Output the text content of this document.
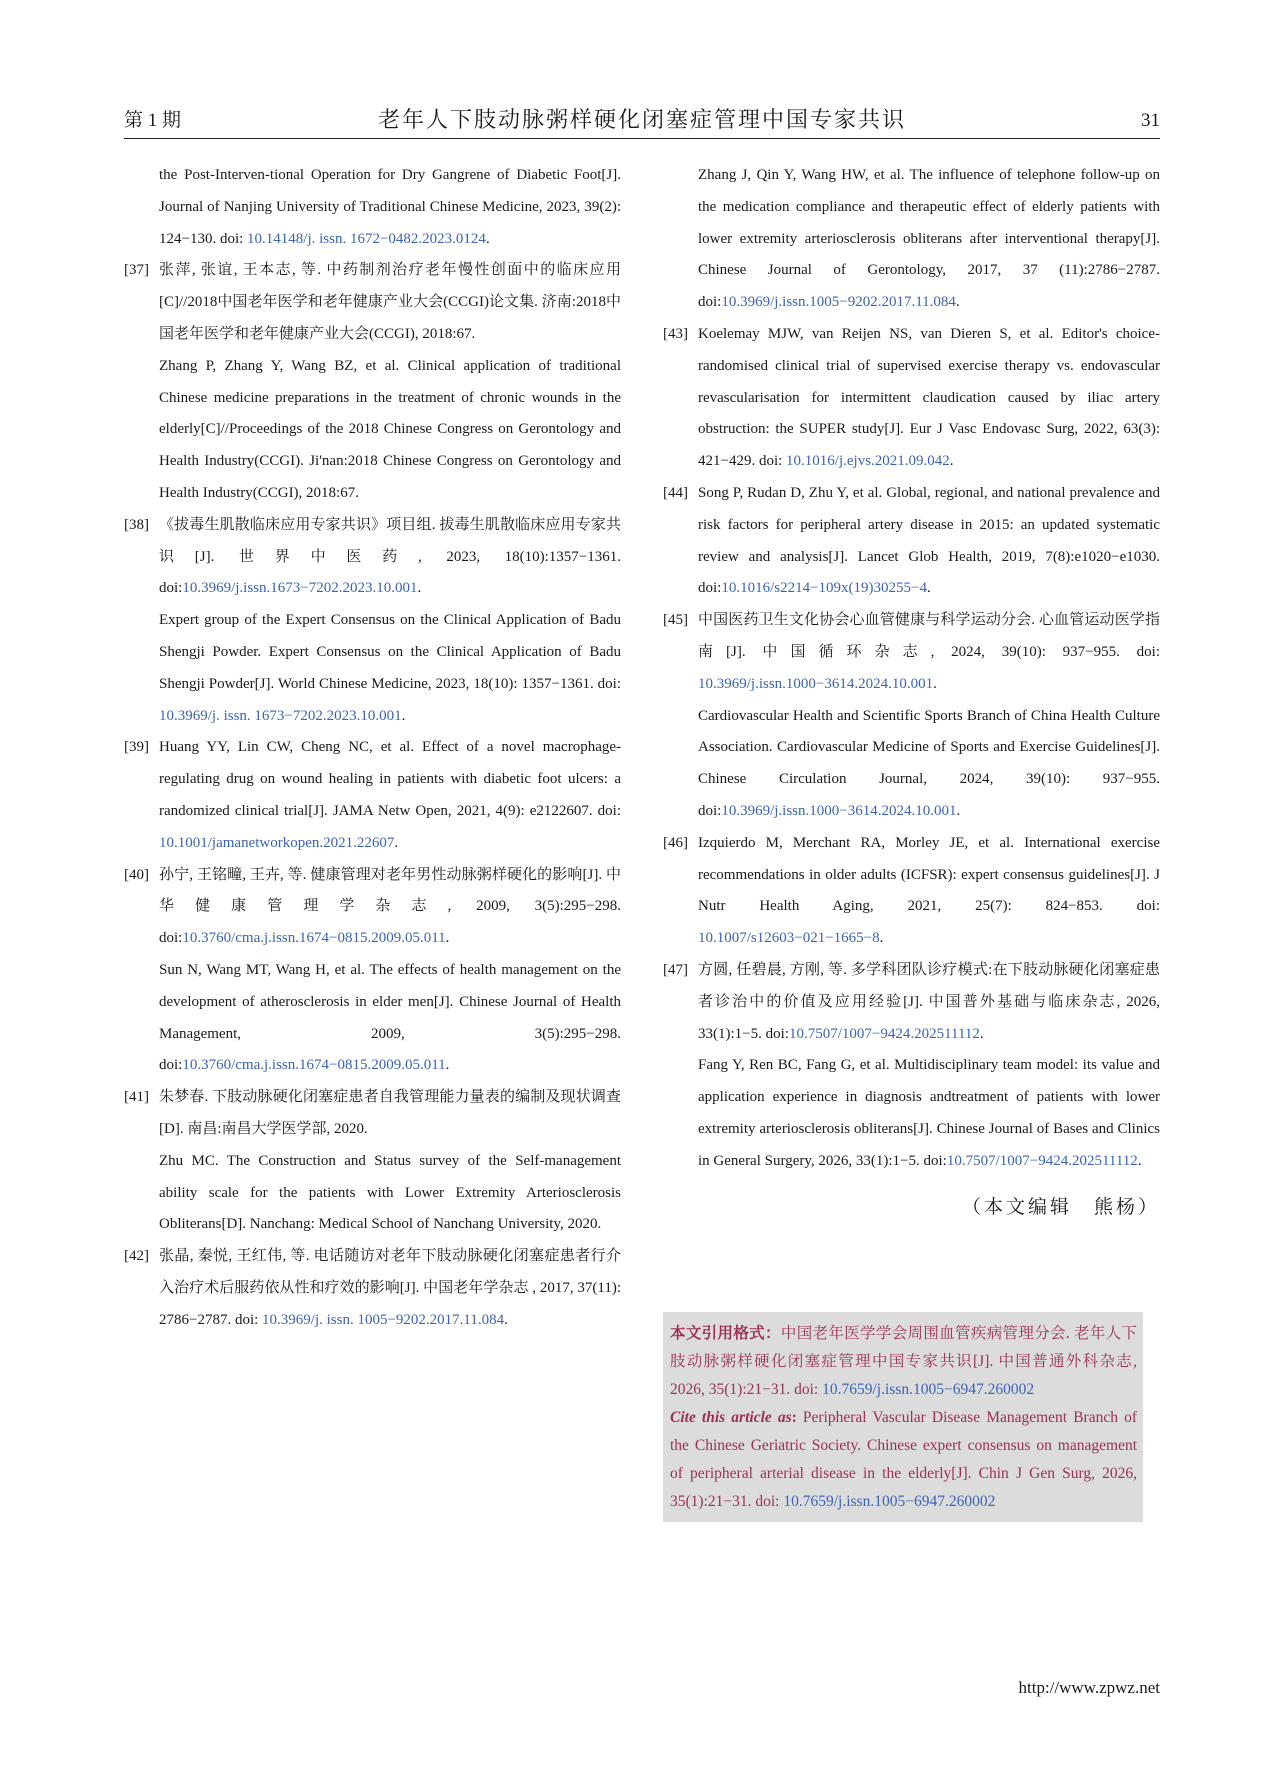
第 1 期	老年人下肢动脉粥样硬化闭塞症管理中国专家共识	31
the Post-Interven-tional Operation for Dry Gangrene of Diabetic Foot[J]. Journal of Nanjing University of Traditional Chinese Medicine, 2023, 39(2): 124−130. doi: 10.14148/j. issn. 1672−0482.2023.0124.
[37] 张萍, 张谊, 王本志, 等. 中药制剂治疗老年慢性创面中的临床应用[C]//2018中国老年医学和老年健康产业大会(CCGI)论文集. 济南:2018中国老年医学和老年健康产业大会(CCGI), 2018:67.

Zhang P, Zhang Y, Wang BZ, et al. Clinical application of traditional Chinese medicine preparations in the treatment of chronic wounds in the elderly[C]//Proceedings of the 2018 Chinese Congress on Gerontology and Health Industry(CCGI). Ji'nan:2018 Chinese Congress on Gerontology and Health Industry(CCGI), 2018:67.

[38] 《拔毒生肌散临床应用专家共识》项目组. 拔毒生肌散临床应用专家共识[J]. 世界中医药, 2023, 18(10):1357−1361. doi:10.3969/j.issn.1673−7202.2023.10.001.

Expert group of the Expert Consensus on the Clinical Application of Badu Shengji Powder. Expert Consensus on the Clinical Application of Badu Shengji Powder[J]. World Chinese Medicine, 2023, 18(10): 1357−1361. doi: 10.3969/j. issn. 1673−7202.2023.10.001.

[39] Huang YY, Lin CW, Cheng NC, et al. Effect of a novel macrophage-regulating drug on wound healing in patients with diabetic foot ulcers: a randomized clinical trial[J]. JAMA Netw Open, 2021, 4(9): e2122607. doi: 10.1001/jamanetworkopen.2021.22607.

[40] 孙宁, 王铭疃, 王卉, 等. 健康管理对老年男性动脉粥样硬化的影响[J]. 中华健康管理学杂志, 2009, 3(5):295−298. doi:10.3760/cma.j.issn.1674−0815.2009.05.011.

Sun N, Wang MT, Wang H, et al. The effects of health management on the development of atherosclerosis in elder men[J]. Chinese Journal of Health Management, 2009, 3(5):295−298. doi:10.3760/cma.j.issn.1674−0815.2009.05.011.

[41] 朱梦春. 下肢动脉硬化闭塞症患者自我管理能力量表的编制及现状调查[D]. 南昌:南昌大学医学部, 2020.

Zhu MC. The Construction and Status survey of the Self-management ability scale for the patients with Lower Extremity Arteriosclerosis Obliterans[D]. Nanchang: Medical School of Nanchang University, 2020.

[42] 张晶, 秦悦, 王红伟, 等. 电话随访对老年下肢动脉硬化闭塞症患者行介入治疗术后服药依从性和疗效的影响[J]. 中国老年学杂志 , 2017, 37(11): 2786−2787. doi: 10.3969/j. issn. 1005−9202.2017.11.084.

Zhang J, Qin Y, Wang HW, et al. The influence of telephone follow-up on the medication compliance and therapeutic effect of elderly patients with lower extremity arteriosclerosis obliterans after interventional therapy[J]. Chinese Journal of Gerontology, 2017, 37 (11):2786−2787. doi:10.3969/j.issn.1005−9202.2017.11.084.
[43] Koelemay MJW, van Reijen NS, van Dieren S, et al. Editor's choice-randomised clinical trial of supervised exercise therapy vs. endovascular revascularisation for intermittent claudication caused by iliac artery obstruction: the SUPER study[J]. Eur J Vasc Endovasc Surg, 2022, 63(3): 421−429. doi: 10.1016/j.ejvs.2021.09.042.

[44] Song P, Rudan D, Zhu Y, et al. Global, regional, and national prevalence and risk factors for peripheral artery disease in 2015: an updated systematic review and analysis[J]. Lancet Glob Health, 2019, 7(8):e1020−e1030. doi:10.1016/s2214−109x(19)30255−4.

[45] 中国医药卫生文化协会心血管健康与科学运动分会. 心血管运动医学指南[J]. 中国循环杂志, 2024, 39(10): 937−955. doi: 10.3969/j.issn.1000−3614.2024.10.001.

Cardiovascular Health and Scientific Sports Branch of China Health Culture Association. Cardiovascular Medicine of Sports and Exercise Guidelines[J]. Chinese Circulation Journal, 2024, 39(10): 937−955. doi:10.3969/j.issn.1000−3614.2024.10.001.

[46] Izquierdo M, Merchant RA, Morley JE, et al. International exercise recommendations in older adults (ICFSR): expert consensus guidelines[J]. J Nutr Health Aging, 2021, 25(7): 824−853. doi: 10.1007/s12603−021−1665−8.

[47] 方圆, 任碧晨, 方刚, 等. 多学科团队诊疗模式:在下肢动脉硬化闭塞症患者诊治中的价值及应用经验[J]. 中国普外基础与临床杂志, 2026, 33(1):1−5. doi:10.7507/1007−9424.202511112.

Fang Y, Ren BC, Fang G, et al. Multidisciplinary team model: its value and application experience in diagnosis andtreatment of patients with lower extremity arteriosclerosis obliterans[J]. Chinese Journal of Bases and Clinics in General Surgery, 2026, 33(1):1−5. doi:10.7507/1007−9424.202511112.

（本文编辑　熊杨）

本文引用格式：中国老年医学学会周围血管疾病管理分会. 老年人下肢动脉粥样硬化闭塞症管理中国专家共识[J]. 中国普通外科杂志, 2026, 35(1):21−31. doi: 10.7659/j.issn.1005−6947.260002

Cite this article as: Peripheral Vascular Disease Management Branch of the Chinese Geriatric Society. Chinese expert consensus on management of peripheral arterial disease in the elderly[J]. Chin J Gen Surg, 2026, 35(1):21−31. doi: 10.7659/j.issn.1005−6947.260002

http://www.zpwz.net
